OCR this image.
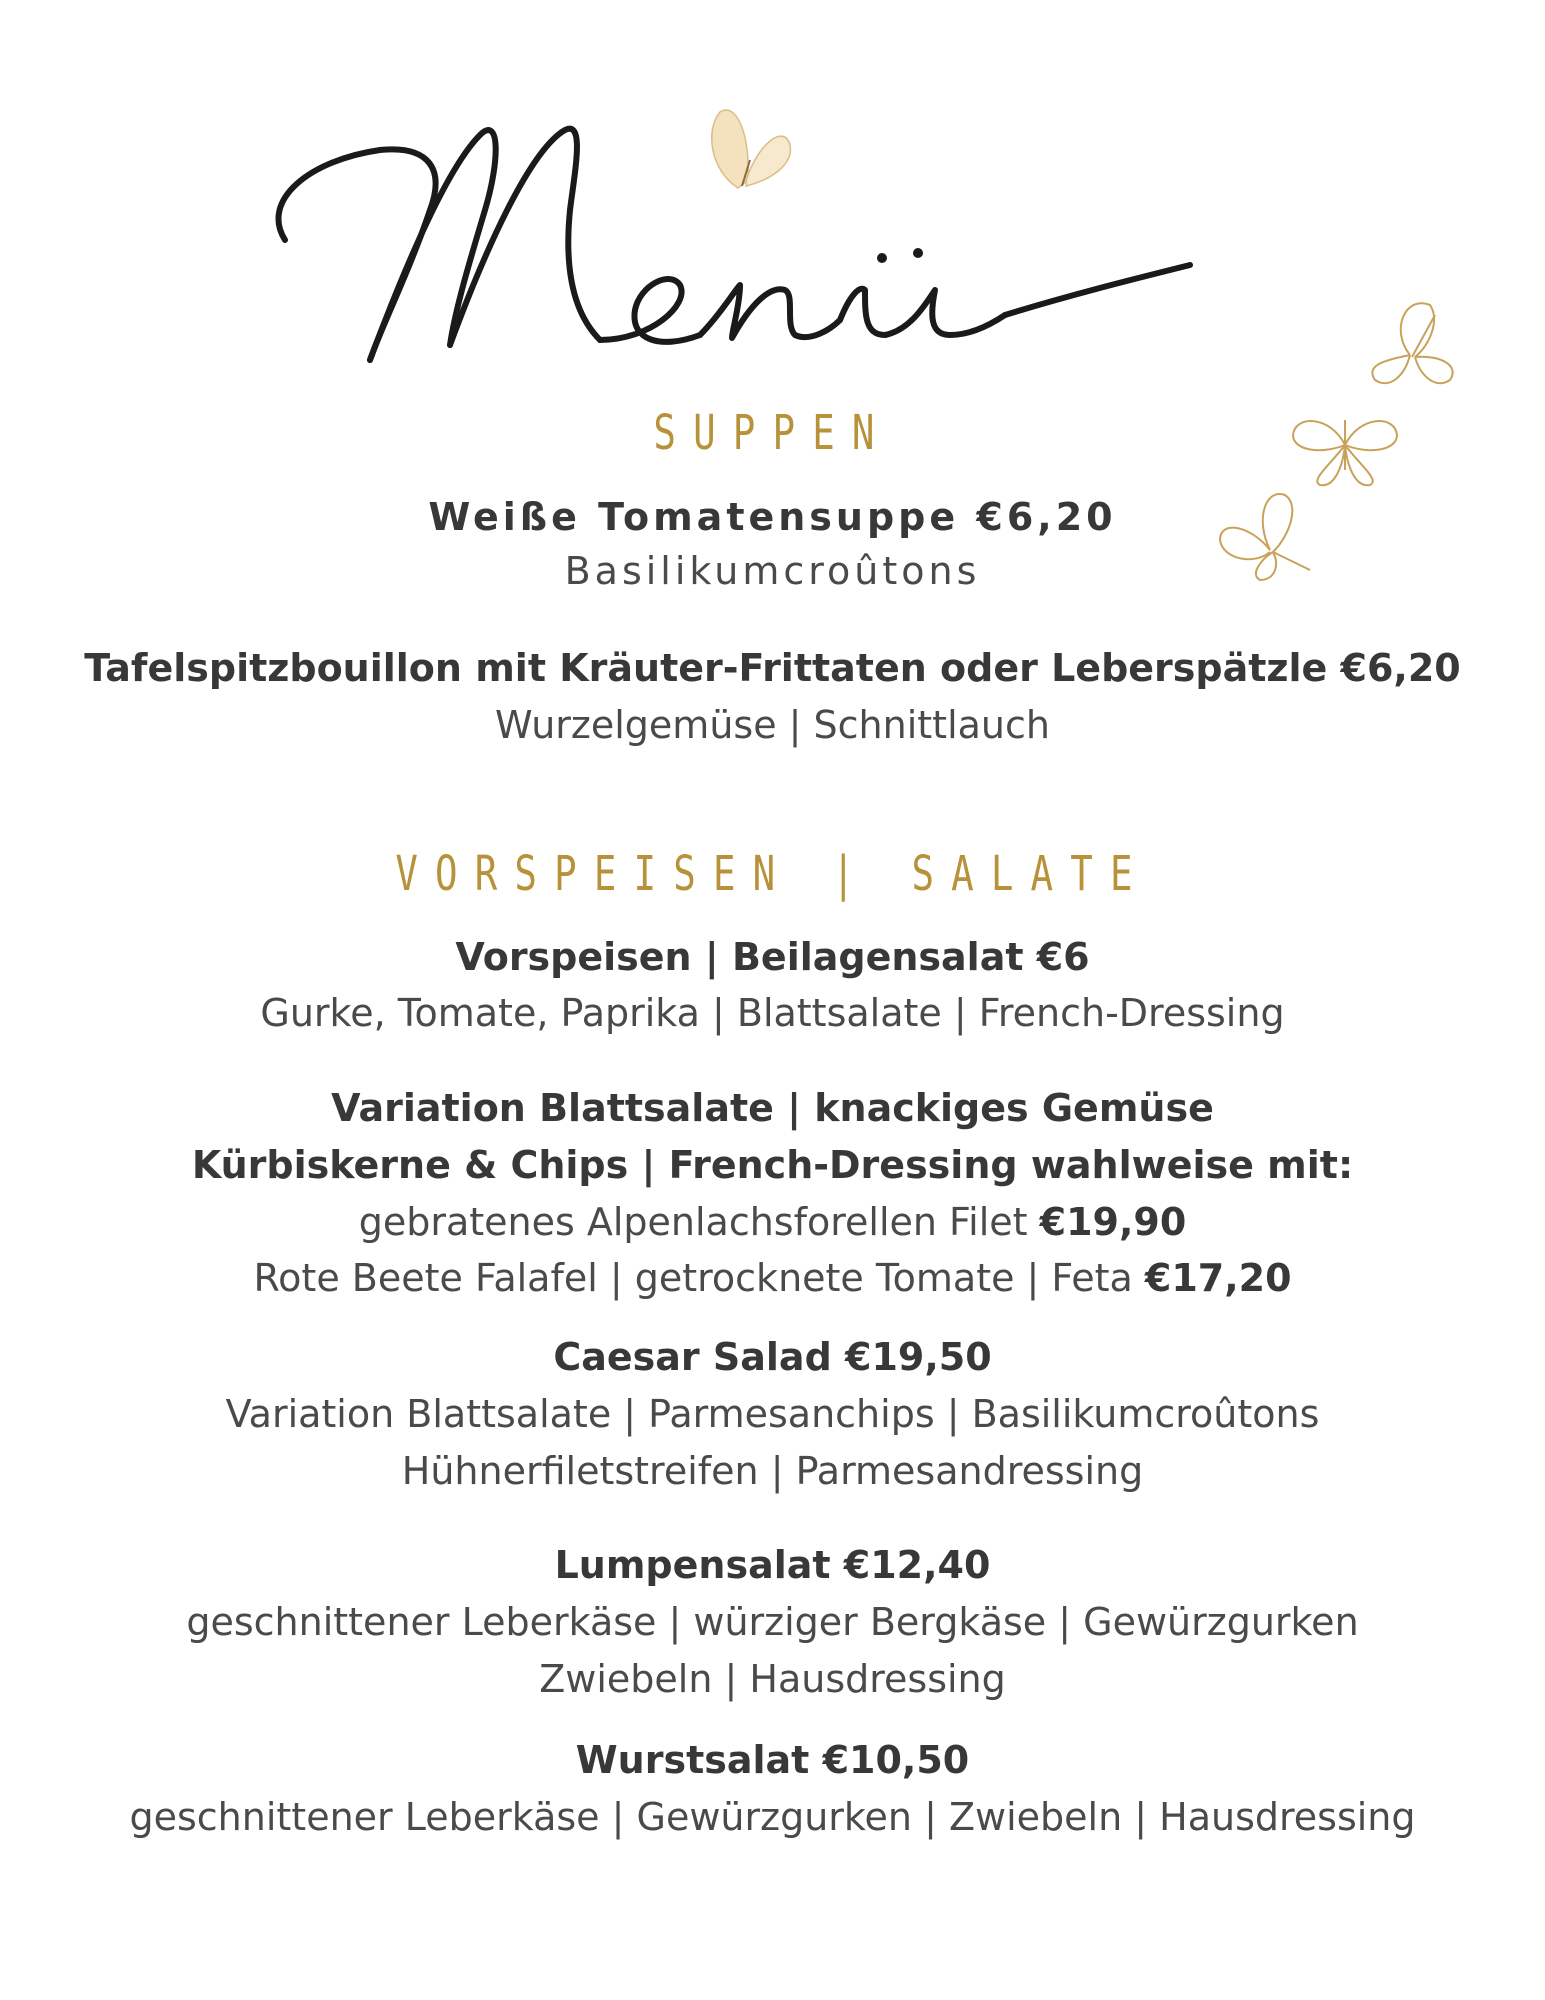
SUPPEN
Weiße Tomatensuppe €6,20
Basilikumcroûtons
Tafelspitzbouillon mit Kräuter-Frittaten oder Leberspätzle €6,20
Wurzelgemüse | Schnittlauch
VORSPEISEN | SALATE
Vorspeisen | Beilagensalat €6
Gurke, Tomate, Paprika | Blattsalate | French-Dressing
Variation Blattsalate | knackiges Gemüse
Kürbiskerne & Chips | French-Dressing wahlweise mit:
gebratenes Alpenlachsforellen Filet €19,90
Rote Beete Falafel | getrocknete Tomate | Feta €17,20
Caesar Salad €19,50
Variation Blattsalate | Parmesanchips | Basilikumcroûtons
Hühnerfiletstreifen | Parmesandressing
Lumpensalat €12,40
geschnittener Leberkäse | würziger Bergkäse | Gewürzgurken
Zwiebeln | Hausdressing
Wurstsalat €10,50
geschnittener Leberkäse | Gewürzgurken | Zwiebeln | Hausdressing
